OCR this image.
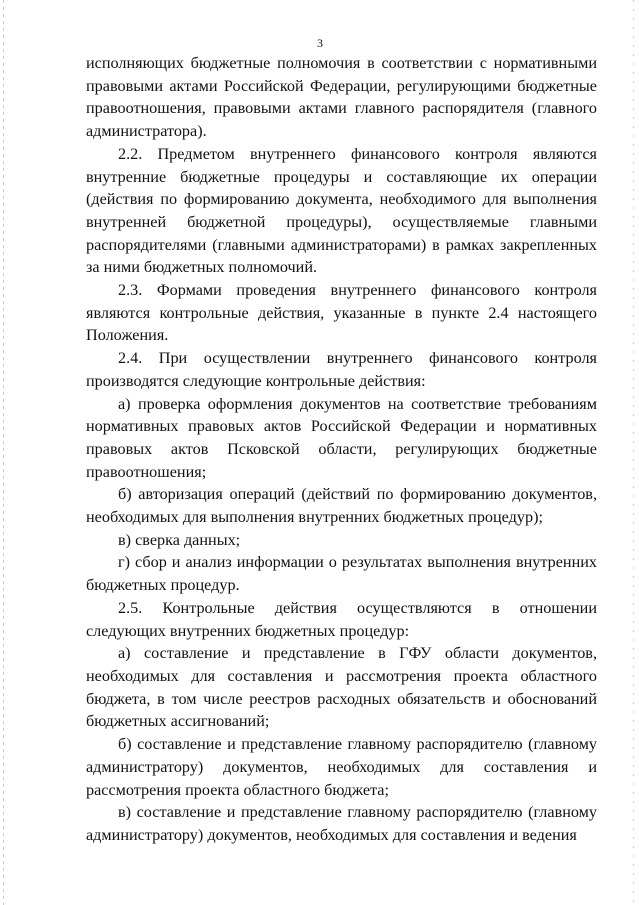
3

исполняющих бюджетные полномочия в соответствии с нормативными правовыми актами Российской Федерации, регулирующими бюджетные правоотношения, правовыми актами главного распорядителя (главного администратора).

2.2. Предметом внутреннего финансового контроля являются внутренние бюджетные процедуры и составляющие их операции (действия по формированию документа, необходимого для выполнения внутренней бюджетной процедуры), осуществляемые главными распорядителями (главными администраторами) в рамках закрепленных за ними бюджетных полномочий.

2.3. Формами проведения внутреннего финансового контроля являются контрольные действия, указанные в пункте 2.4 настоящего Положения.

2.4. При осуществлении внутреннего финансового контроля производятся следующие контрольные действия:

а) проверка оформления документов на соответствие требованиям нормативных правовых актов Российской Федерации и нормативных правовых актов Псковской области, регулирующих бюджетные правоотношения;

б) авторизация операций (действий по формированию документов, необходимых для выполнения внутренних бюджетных процедур);

в) сверка данных;

г) сбор и анализ информации о результатах выполнения внутренних бюджетных процедур.

2.5. Контрольные действия осуществляются в отношении следующих внутренних бюджетных процедур:

а) составление и представление в ГФУ области документов, необходимых для составления и рассмотрения проекта областного бюджета, в том числе реестров расходных обязательств и обоснований бюджетных ассигнований;

б) составление и представление главному распорядителю (главному администратору) документов, необходимых для составления и рассмотрения проекта областного бюджета;

в) составление и представление главному распорядителю (главному администратору) документов, необходимых для составления и ведения
